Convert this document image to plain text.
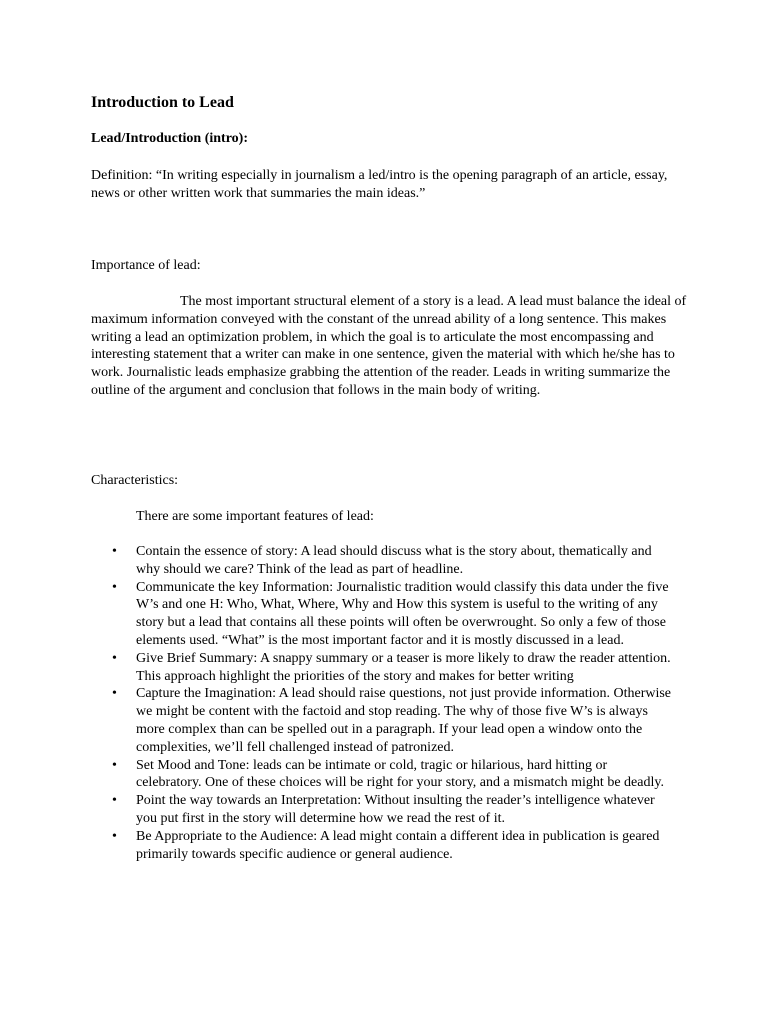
Introduction to Lead
Lead/Introduction (intro):

Definition: “In writing especially in journalism a led/intro is the opening paragraph of an article, essay, news or other written work that summaries the main ideas.”

Importance of lead:

The most important structural element of a story is a lead. A lead must balance the ideal of maximum information conveyed with the constant of the unread ability of a long sentence. This makes writing a lead an optimization problem, in which the goal is to articulate the most encompassing and interesting statement that a writer can make in one sentence, given the material with which he/she has to work. Journalistic leads emphasize grabbing the attention of the reader. Leads in writing summarize the outline of the argument and conclusion that follows in the main body of writing.

Characteristics:

There are some important features of lead:

• Contain the essence of story: A lead should discuss what is the story about, thematically and why should we care? Think of the lead as part of headline.
• Communicate the key Information: Journalistic tradition would classify this data under the five W’s and one H: Who, What, Where, Why and How this system is useful to the writing of any story but a lead that contains all these points will often be overwrought. So only a few of those elements used. “What” is the most important factor and it is mostly discussed in a lead.
• Give Brief Summary: A snappy summary or a teaser is more likely to draw the reader attention. This approach highlight the priorities of the story and makes for better writing
• Capture the Imagination: A lead should raise questions, not just provide information. Otherwise we might be content with the factoid and stop reading. The why of those five W’s is always more complex than can be spelled out in a paragraph. If your lead open a window onto the complexities, we’ll fell challenged instead of patronized.
• Set Mood and Tone: leads can be intimate or cold, tragic or hilarious, hard hitting or celebratory. One of these choices will be right for your story, and a mismatch might be deadly.
• Point the way towards an Interpretation: Without insulting the reader’s intelligence whatever you put first in the story will determine how we read the rest of it.
• Be Appropriate to the Audience: A lead might contain a different idea in publication is geared primarily towards specific audience or general audience.
